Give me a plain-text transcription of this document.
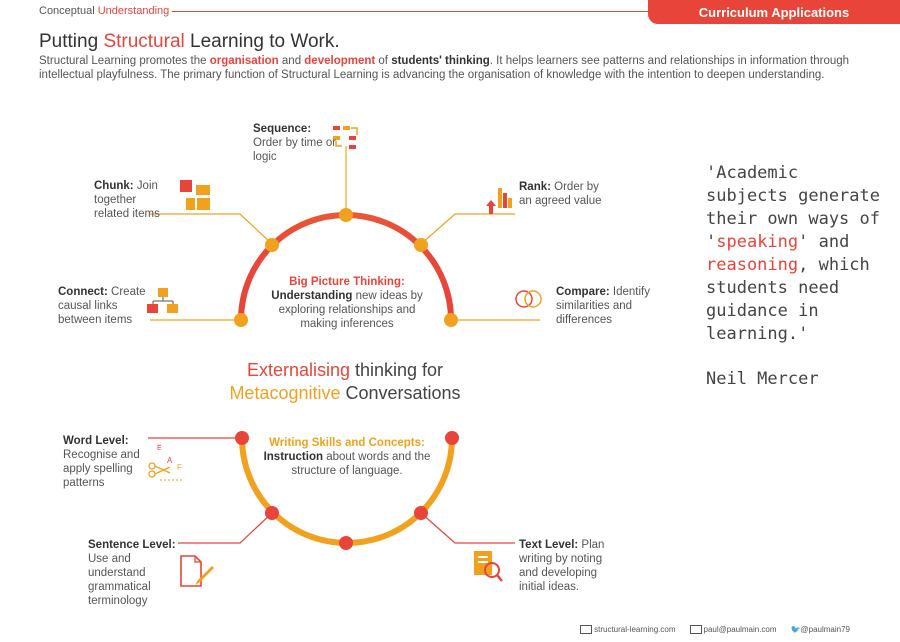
Conceptual Understanding	Curriculum Applications
Putting Structural Learning to Work.
Structural Learning promotes the organisation and development of students' thinking. It helps learners see patterns and relationships in information through intellectual playfulness. The primary function of Structural Learning is advancing the organisation of knowledge with the intention to deepen understanding.
Ë
A
F
Sequence:
Order by time or logic
Chunk: Join together related items
Rank: Order by an agreed value
Connect: Create causal links between items
Compare: Identify similarities and differences
Big Picture Thinking:
Understanding new ideas by exploring relationships and making inferences
Externalising thinking for
Metacognitive Conversations
Writing Skills and Concepts:
Instruction about words and the structure of language.
Word Level:
Recognise and apply spelling patterns
Sentence Level:
Use and understand grammatical terminology
Text Level: Plan writing by noting and developing initial ideas.
'Academic subjects generate their own ways of 'speaking' and reasoning, which students need guidance in learning.'
Neil Mercer
structural-learning.com	paul@paulmain.com 🐦@paulmain79
